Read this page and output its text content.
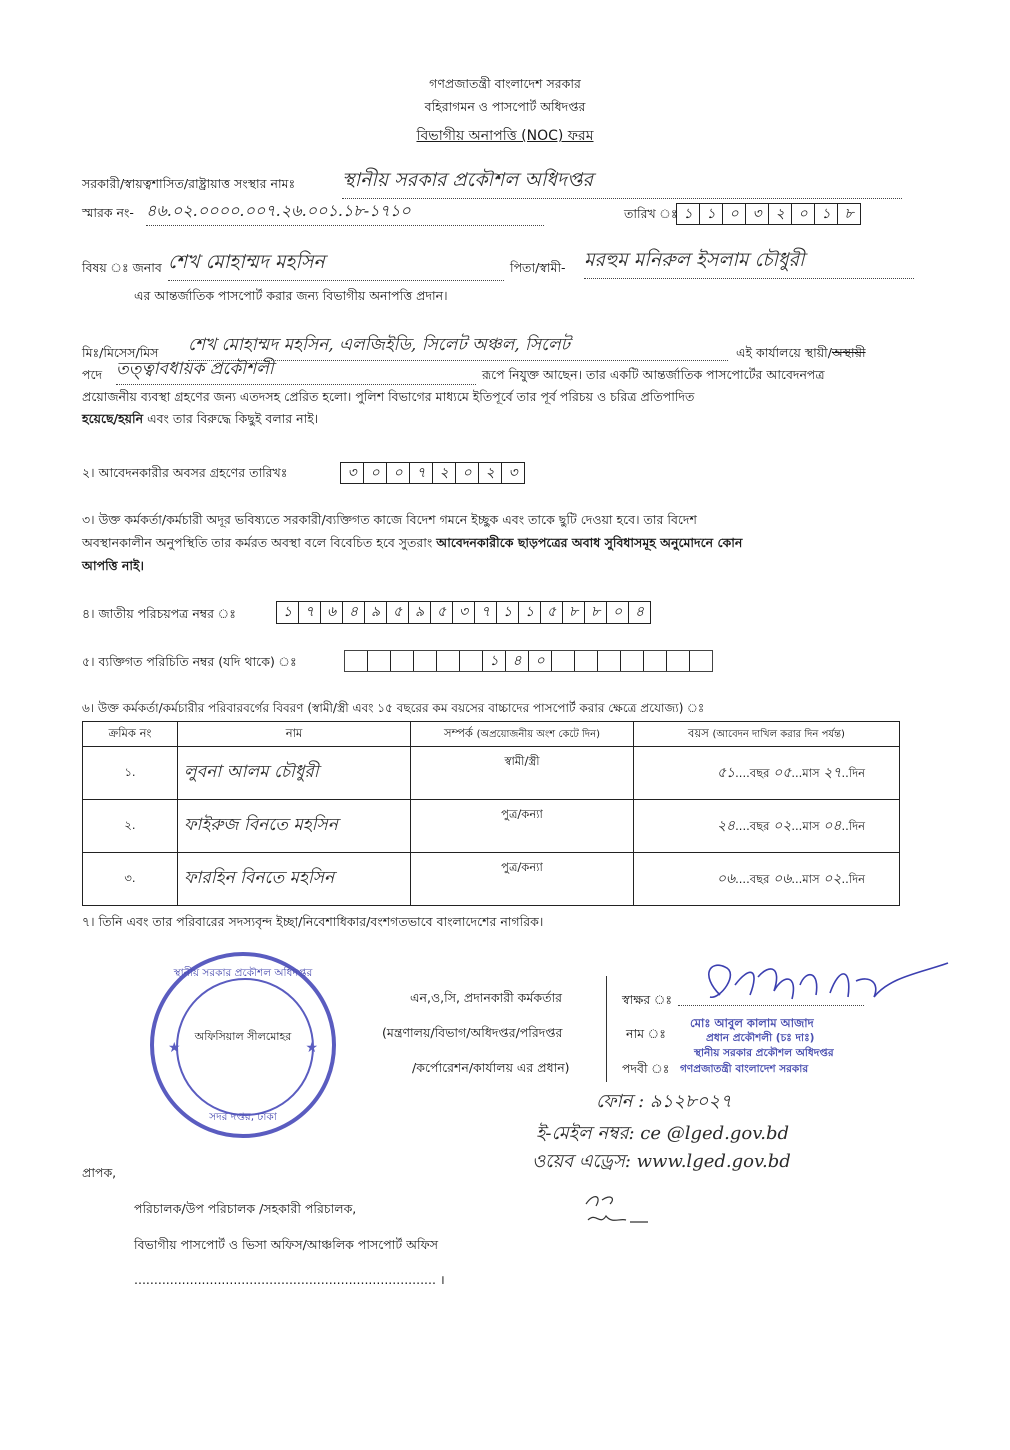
গণপ্রজাতন্ত্রী বাংলাদেশ সরকার
বহিরাগমন ও পাসপোর্ট অধিদপ্তর
বিভাগীয় অনাপত্তি (NOC) ফরম
সরকারী/স্বায়ত্বশাসিত/রাষ্ট্রায়াত্ত সংস্থার নামঃ স্থানীয় সরকার প্রকৌশল অধিদপ্তর
স্মারক নং- ৪৬.০২.০০০০.০০৭.২৬.০০১.১৮-১৭১০	তারিখ ঃ ১ ১ ০ ৩ ২ ০ ১ ৮
বিষয় ঃ জনাব শেখ মোহাম্মদ মহসিন	পিতা/স্বামী- মরহুম মনিরুল ইসলাম চৌধুরী
এর আন্তর্জাতিক পাসপোর্ট করার জন্য বিভাগীয় অনাপত্তি প্রদান।
মিঃ/মিসেস/মিস শেখ মোহাম্মদ মহসিন, এলজিইডি, সিলেট অঞ্চল, সিলেট	এই কার্যালয়ে স্থায়ী/অস্থায়ী
পদে তত্ত্বাবধায়ক প্রকৌশলী	রূপে নিযুক্ত আছেন। তার একটি আন্তর্জাতিক পাসপোর্টের আবেদনপত্র
প্রয়োজনীয় ব্যবস্থা গ্রহণের জন্য এতদসহ প্রেরিত হলো। পুলিশ বিভাগের মাধ্যমে ইতিপূর্বে তার পূর্ব পরিচয় ও চরিত্র প্রতিপাদিত
হয়েছে/হয়নি এবং তার বিরুদ্ধে কিছুই বলার নাই।
২। আবেদনকারীর অবসর গ্রহণের তারিখঃ	৩ ০ ০ ৭ ২ ০ ২ ৩
৩। উক্ত কর্মকর্তা/কর্মচারী অদূর ভবিষ্যতে সরকারী/ব্যক্তিগত কাজে বিদেশ গমনে ইচ্ছুক এবং তাকে ছুটি দেওয়া হবে। তার বিদেশ
অবস্থানকালীন অনুপস্থিতি তার কর্মরত অবস্থা বলে বিবেচিত হবে সুতরাং আবেদনকারীকে ছাড়পত্রের অবাধ সুবিধাসমূহ অনুমোদনে কোন
আপত্তি নাই।
৪। জাতীয় পরিচয়পত্র নম্বর ঃ	১ ৭ ৬ ৪ ৯ ৫ ৯ ৫ ৩ ৭ ১ ১ ৫ ৮ ৮ ০ ৪
৫। ব্যক্তিগত পরিচিতি নম্বর (যদি থাকে) ঃ	১ ৪ ০
৬। উক্ত কর্মকর্তা/কর্মচারীর পরিবারবর্গের বিবরণ (স্বামী/স্ত্রী এবং ১৫ বছরের কম বয়সের বাচ্চাদের পাসপোর্ট করার ক্ষেত্রে প্রযোজ্য) ঃ
ক্রমিক নং	নাম	সম্পর্ক (অপ্রয়োজনীয় অংশ কেটে দিন)	বয়স (আবেদন দাখিল করার দিন পর্যন্ত)
১.	লুবনা আলম চৌধুরী	স্বামী/স্ত্রী	৫১....বছর ০৫...মাস ২৭..দিন
২.	ফাইরুজ বিনতে মহসিন	পুত্র/কন্যা	২৪....বছর ০২...মাস ০৪..দিন
৩.	ফারহিন বিনতে মহসিন	পুত্র/কন্যা	০৬....বছর ০৬...মাস ০২..দিন
৭। তিনি এবং তার পরিবারের সদস্যবৃন্দ ইচ্ছা/নিবেশাধিকার/বংশগতভাবে বাংলাদেশের নাগরিক।
স্থানীয় সরকার প্রকৌশল অধিদপ্তর
অফিসিয়াল সীলমোহর
সদর দপ্তর, ঢাকা
★	★
এন,ও,সি, প্রদানকারী কর্মকর্তার
(মন্ত্রণালয়/বিভাগ/অধিদপ্তর/পরিদপ্তর
/কর্পোরেশন/কার্যালয় এর প্রধান)
স্বাক্ষর ঃ
নাম ঃ
পদবী ঃ
মোঃ আবুল কালাম আজাদ
প্রধান প্রকৌশলী (চঃ দাঃ)
স্থানীয় সরকার প্রকৌশল অধিদপ্তর
গণপ্রজাতন্ত্রী বাংলাদেশ সরকার
ফোন : ৯১২৮০২৭
ই-মেইল নম্বর: ce @lged.gov.bd
ওয়েব এড্রেস: www.lged.gov.bd
প্রাপক,
পরিচালক/উপ পরিচালক /সহকারী পরিচালক,
বিভাগীয় পাসপোর্ট ও ভিসা অফিস/আঞ্চলিক পাসপোর্ট অফিস
............................................................................ ।
